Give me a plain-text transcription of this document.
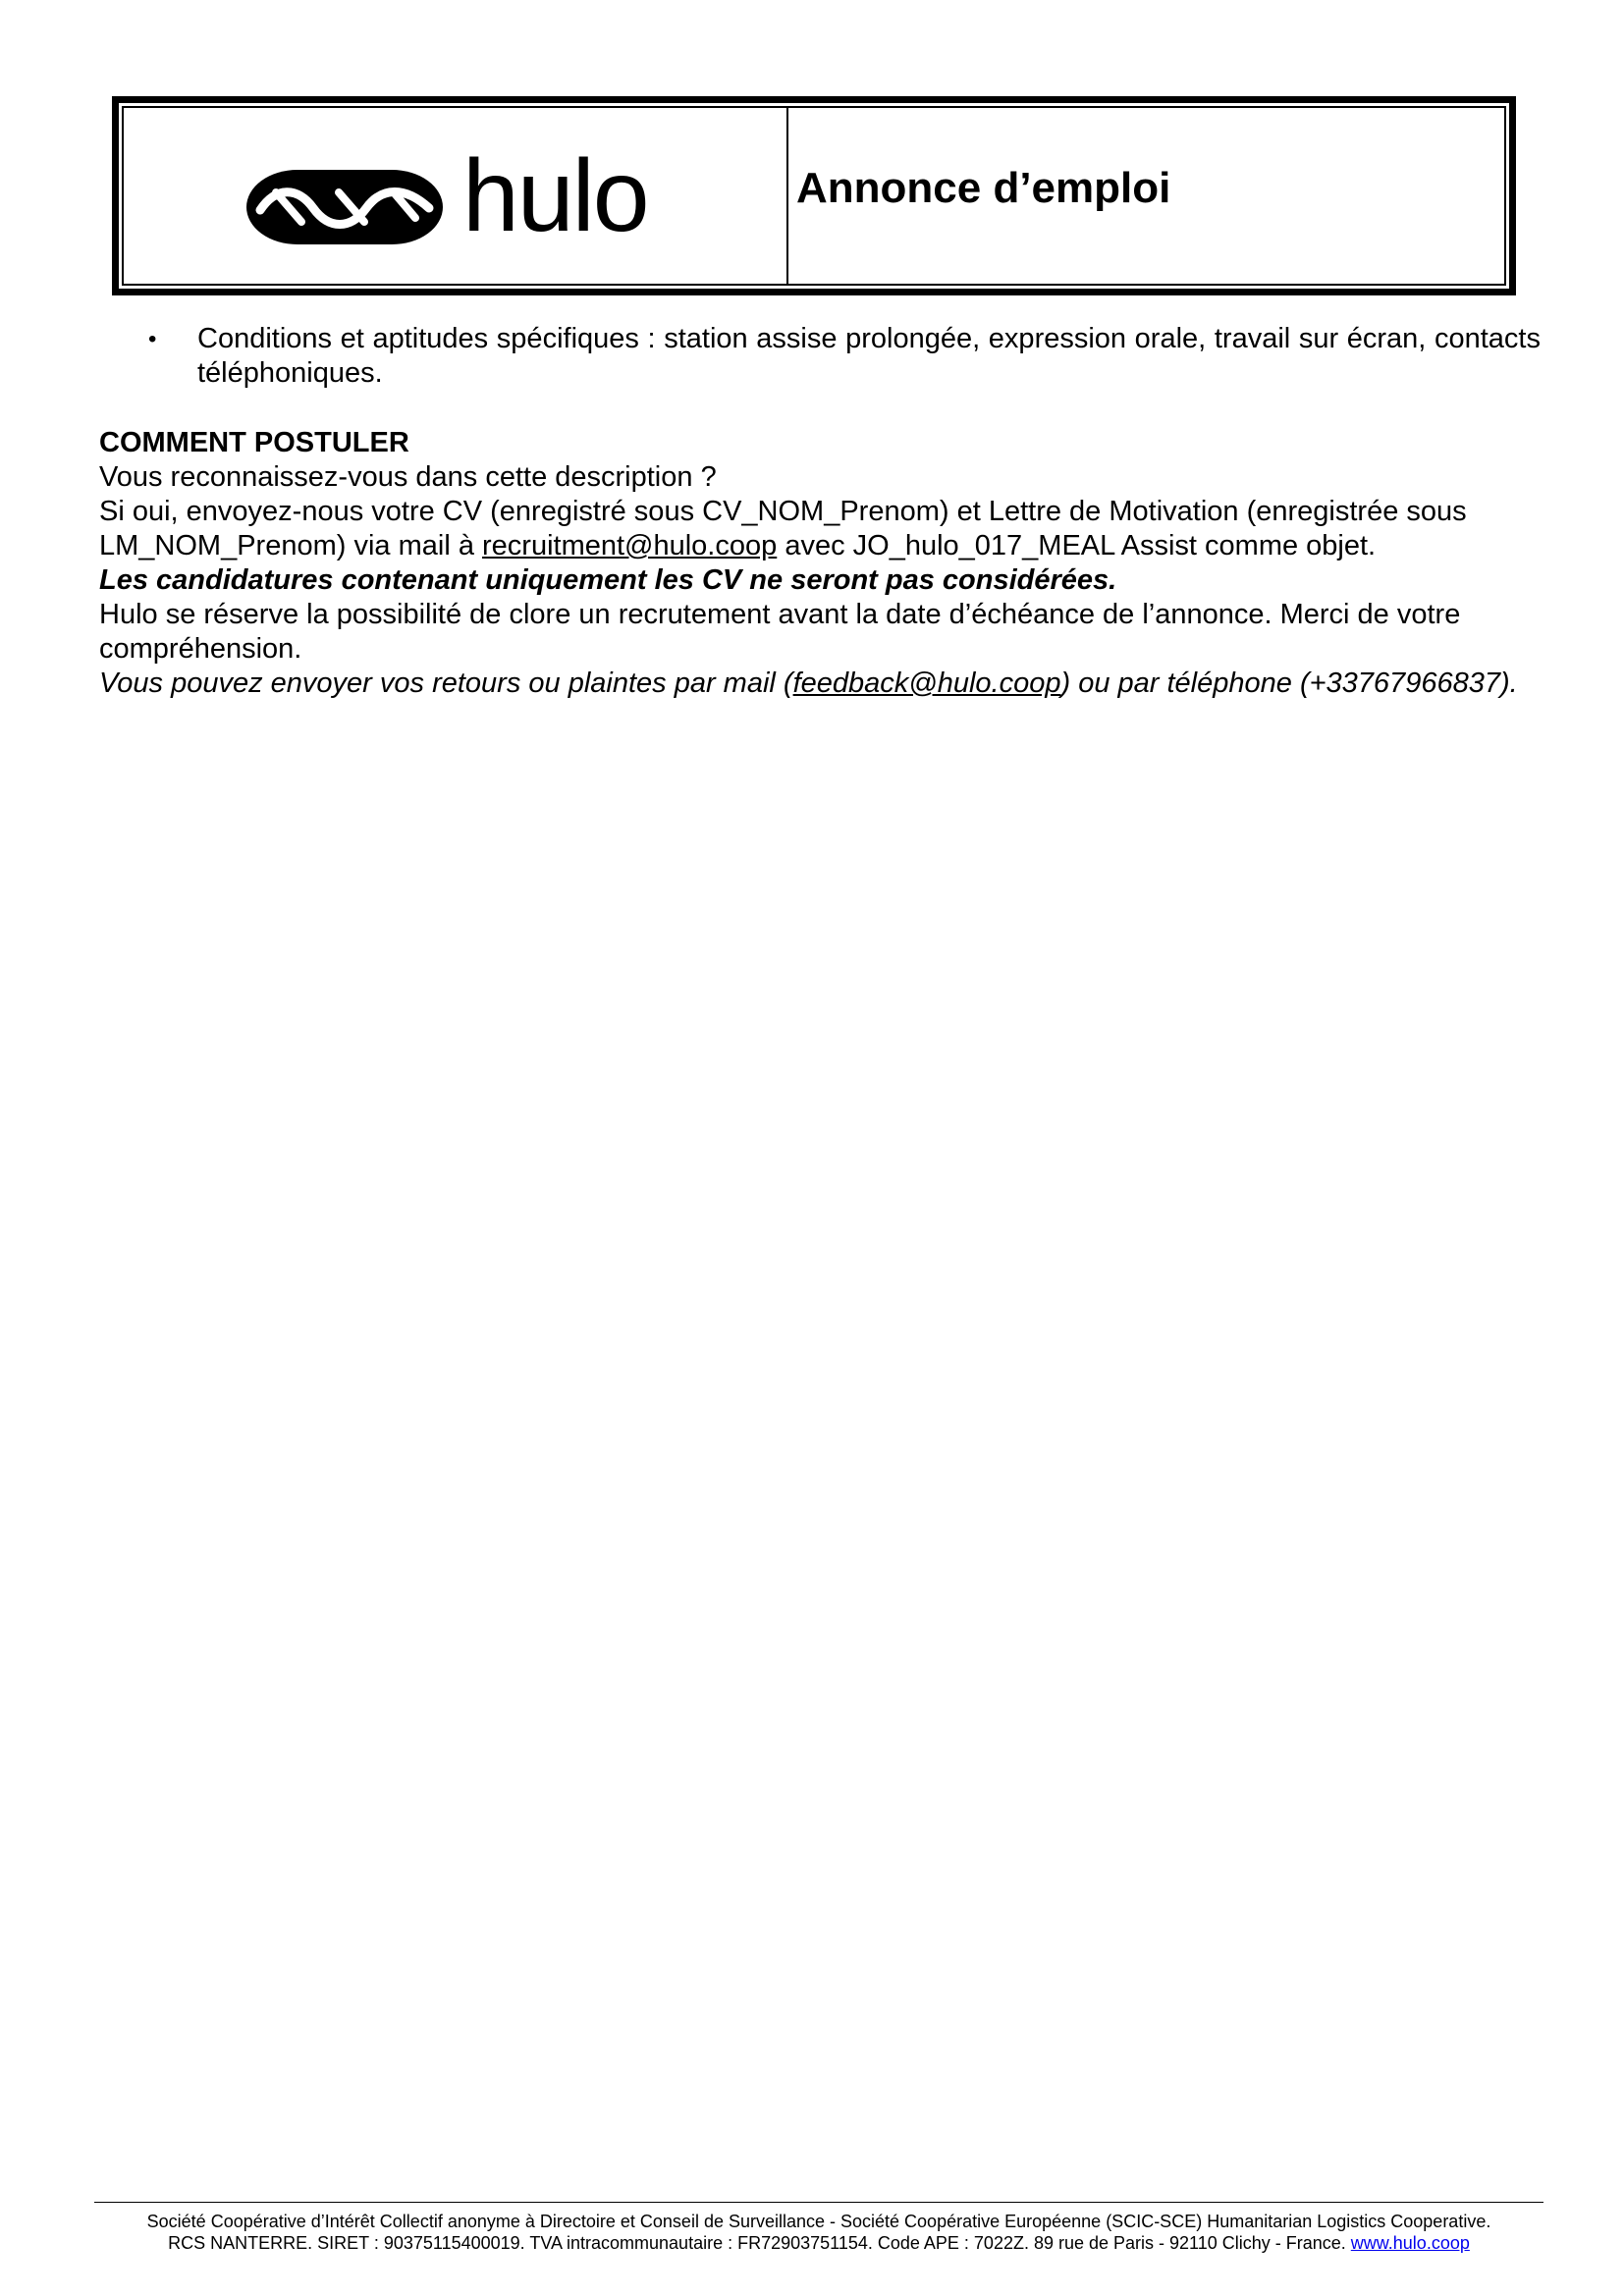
hulo	Annonce d’emploi
•	Conditions et aptitudes spécifiques : station assise prolongée, expression orale, travail sur écran, contacts téléphoniques.
COMMENT POSTULER

Vous reconnaissez-vous dans cette description ?

Si oui, envoyez-nous votre CV (enregistré sous CV_NOM_Prenom) et Lettre de Motivation (enregistrée sous LM_NOM_Prenom) via mail à recruitment@hulo.coop avec JO_hulo_017_MEAL Assist comme objet.

Les candidatures contenant uniquement les CV ne seront pas considérées.

Hulo se réserve la possibilité de clore un recrutement avant la date d’échéance de l’annonce. Merci de votre compréhension.

Vous pouvez envoyer vos retours ou plaintes par mail (feedback@hulo.coop) ou par téléphone (+33767966837).

Société Coopérative d’Intérêt Collectif anonyme à Directoire et Conseil de Surveillance - Société Coopérative Européenne (SCIC-SCE) Humanitarian Logistics Cooperative.
RCS NANTERRE. SIRET : 90375115400019. TVA intracommunautaire : FR72903751154. Code APE : 7022Z. 89 rue de Paris - 92110 Clichy - France. www.hulo.coop
